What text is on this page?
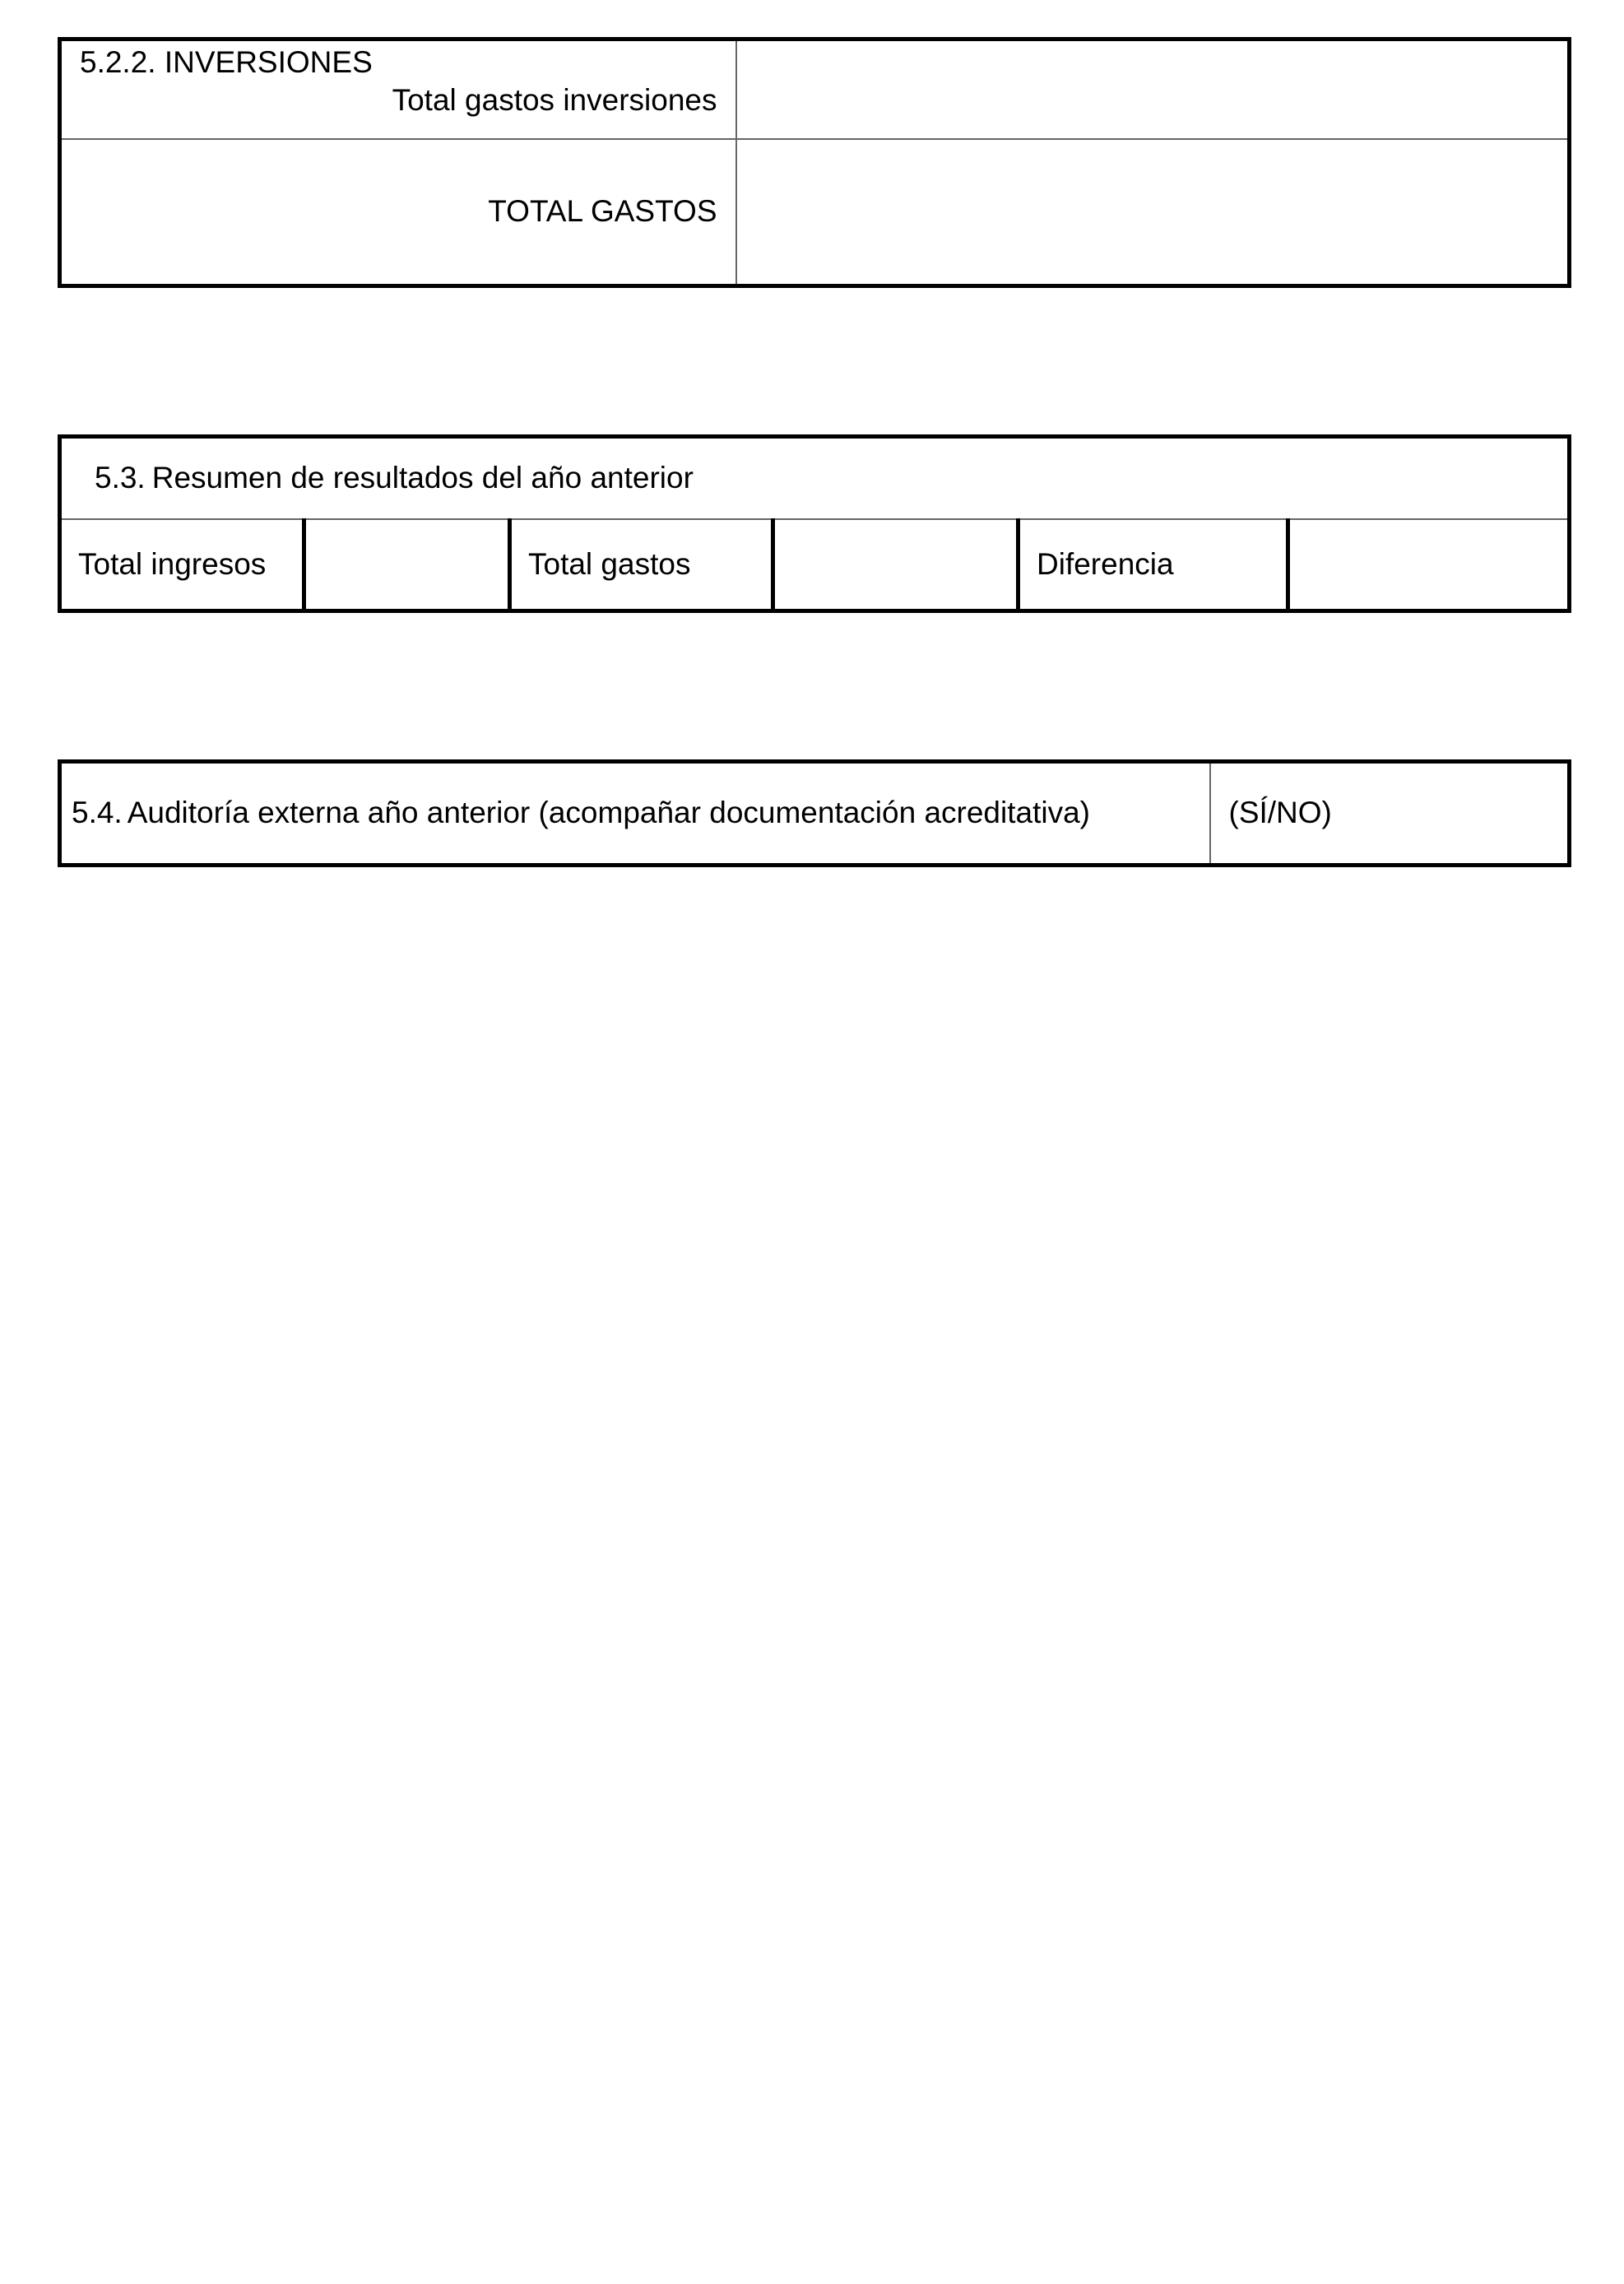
5.2.2. INVERSIONES
Total gastos inversiones	

TOTAL GASTOS	
5.3. Resumen de resultados del año anterior
Total ingresos		Total gastos		Diferencia	
5.4. Auditoría externa año anterior (acompañar documentación acreditativa)	(SÍ/NO)
